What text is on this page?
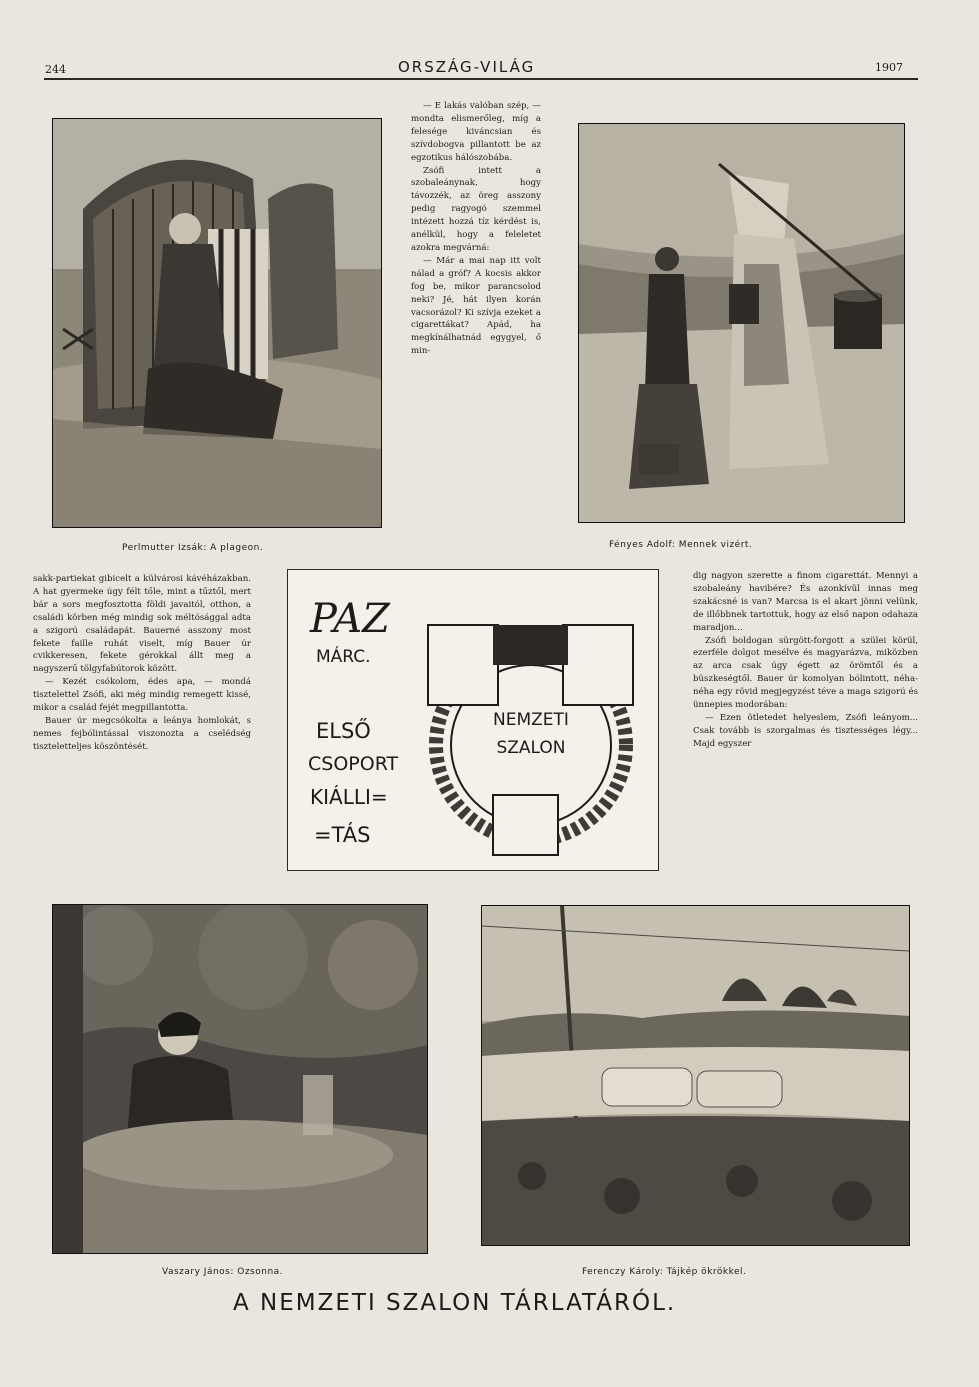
244	ORSZÁG-VILÁG	1907
Perlmutter Izsák: A plageon.

— E lakás valóban szép, — mondta elismerőleg, míg a felesége kiváncsian és szívdobogva pillantott be az egzotikus hálószobába.

Zsófi intett a szobaleánynak, hogy távozzék, az öreg asszony pedig ragyogó szemmel intézett hozzá tíz kérdést is, anélkül, hogy a feleletet azokra megvárná:

— Már a mai nap itt volt nálad a gróf? A kocsis akkor fog be, mikor parancsolod neki? Jé, hát ilyen korán vacsorázol? Ki szívja ezeket a cigarettákat? Apád, ha megkínálhatnád egygyel, ő min-

Fényes Adolf: Mennek vizért.

sakk-partiekat gibicelt a külvárosi kávéházakban. A hat gyermeke úgy félt tőle, mint a tűztől, mert bár a sors megfosztotta földi javaitól, otthon, a családi körben még mindig sok méltósággal adta a szigorú családapát. Bauerné asszony most fekete faille ruhát viselt, míg Bauer úr cvikkeresen, fekete gérokkal állt meg a nagyszerű tölgyfabútorok között.

— Kezét csókolom, édes apa, — mondá tisztelettel Zsófi, aki még mindig remegett kissé, mikor a család fejét megpillantotta.

Bauer úr megcsókolta a leánya homlokát, s nemes fejbólintással viszonozta a cselédség tiszteletteljes köszöntését.

PAZ
MÁRC.
ELSŐ
CSOPORT
KIÁLLI=
=TÁS
NEMZETI
SZALON

dig nagyon szerette a finom cigarettát. Mennyi a szobaleány havibére? És azonkívül innas meg szakácsné is van? Marcsa is el akart jönni velünk, de illőbbnek tartottuk, hogy az első napon odahaza maradjon...

Zsófi boldogan sürgött-forgott a szülei körül, ezerféle dolgot mesélve és magyarázva, miközben az arca csak úgy égett az örömtől és a büszkeségtől. Bauer úr komolyan bólintott, néha-néha egy rövid megjegyzést téve a maga szigorú és ünnepies modorában:

— Ezen ötletedet helyeslem, Zsófi leányom... Csak tovább is szorgalmas és tisztességes légy... Majd egyszer

Vaszary János: Ozsonna.	Ferenczy Károly: Tájkép ökrökkel.
A NEMZETI SZALON TÁRLATÁRÓL.
